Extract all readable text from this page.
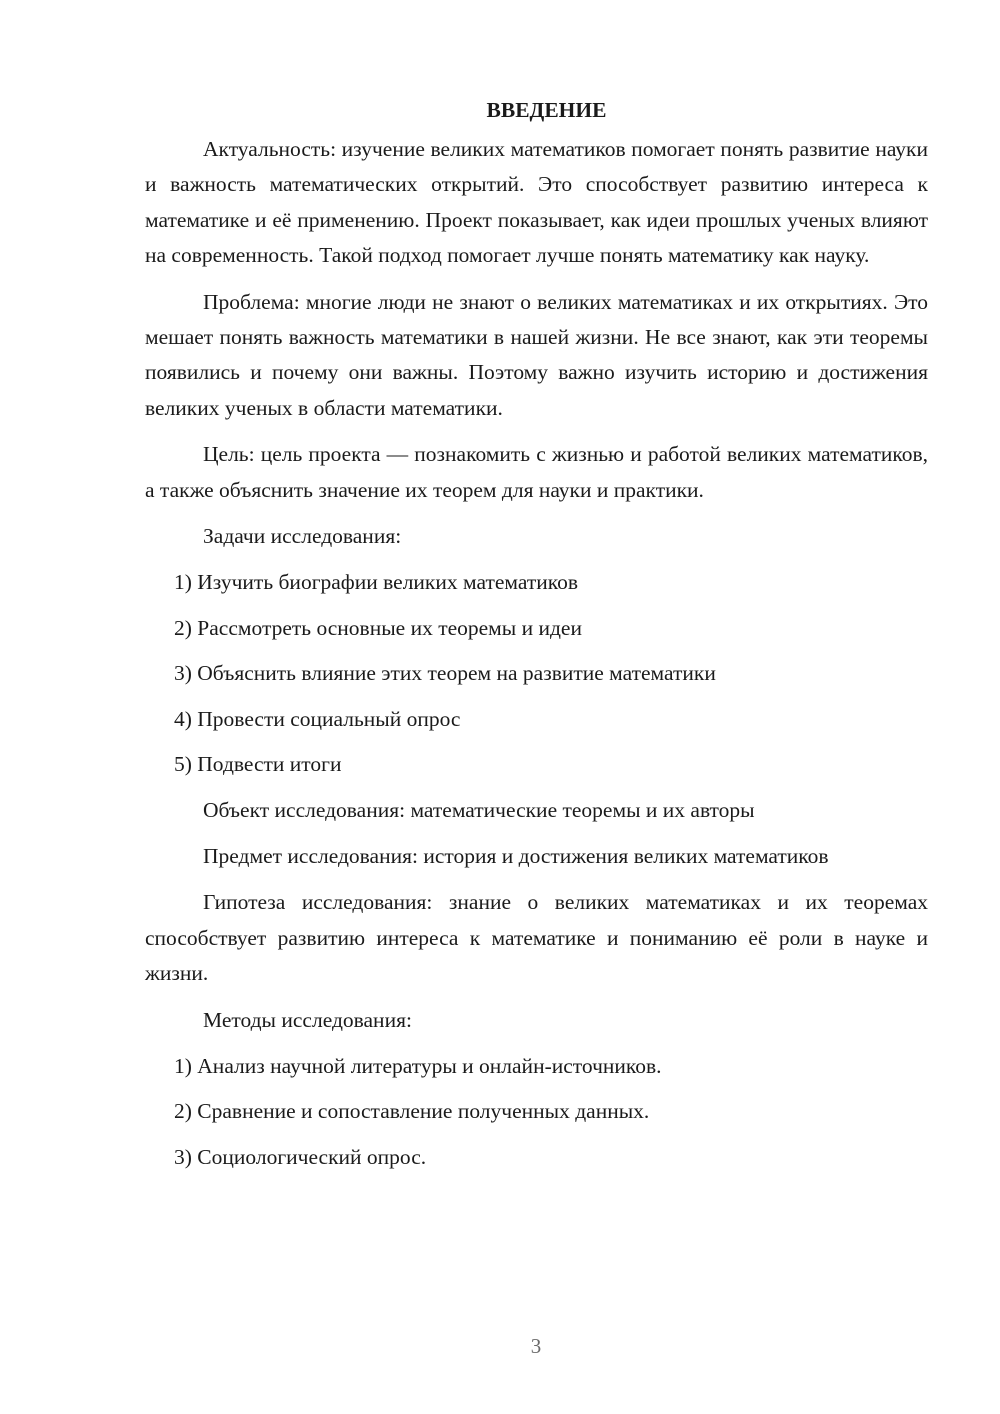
ВВЕДЕНИЕ

Актуальность: изучение великих математиков помогает понять развитие науки и важность математических открытий. Это способствует развитию интереса к математике и её применению. Проект показывает, как идеи прошлых ученых влияют на современность. Такой подход помогает лучше понять математику как науку.

Проблема: многие люди не знают о великих математиках и их открытиях. Это мешает понять важность математики в нашей жизни. Не все знают, как эти теоремы появились и почему они важны. Поэтому важно изучить историю и достижения великих ученых в области математики.

Цель: цель проекта — познакомить с жизнью и работой великих математиков, а также объяснить значение их теорем для науки и практики.

Задачи исследования:

1) Изучить биографии великих математиков
2) Рассмотреть основные их теоремы и идеи
3) Объяснить влияние этих теорем на развитие математики
4) Провести социальный опрос
5) Подвести итоги

Объект исследования: математические теоремы и их авторы

Предмет исследования: история и достижения великих математиков

Гипотеза исследования: знание о великих математиках и их теоремах способствует развитию интереса к математике и пониманию её роли в науке и жизни.

Методы исследования:

1) Анализ научной литературы и онлайн-источников.
2) Сравнение и сопоставление полученных данных.
3) Социологический опрос.
3
